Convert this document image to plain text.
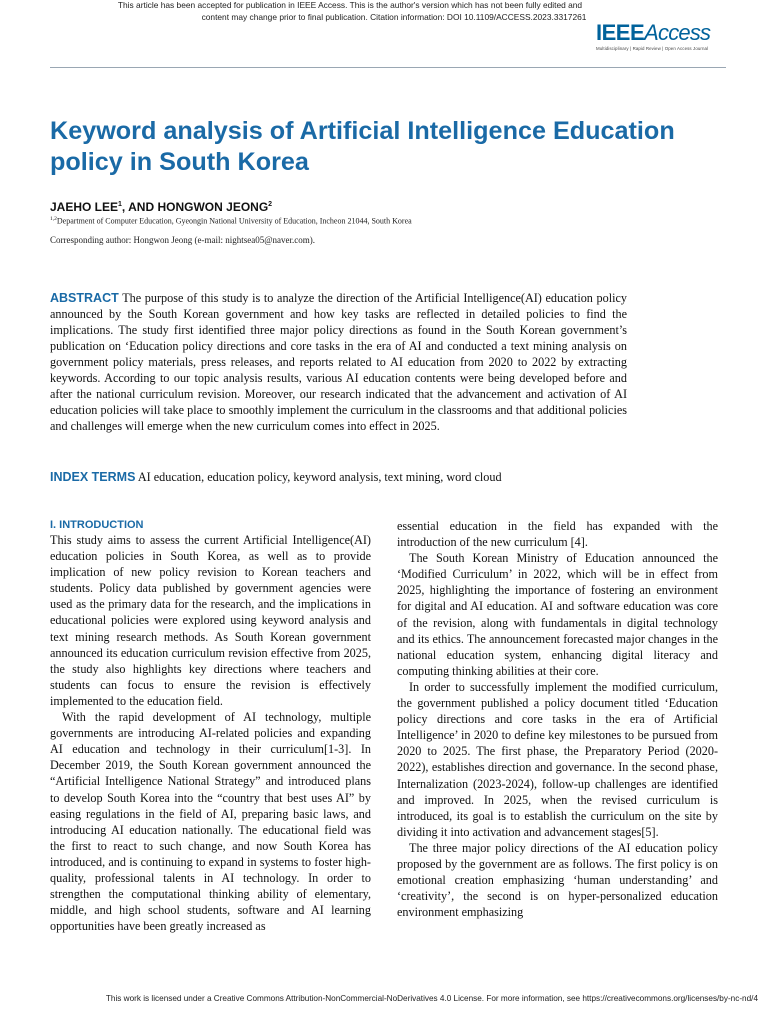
This article has been accepted for publication in IEEE Access. This is the author's version which has not been fully edited and
content may change prior to final publication. Citation information: DOI 10.1109/ACCESS.2023.3317261
IEEE Access
Multidisciplinary | Rapid Review | Open Access Journal
Keyword analysis of Artificial Intelligence Education policy in South Korea
JAEHO LEE$^1$, AND HONGWON JEONG$^2$
$^{1,2}$Department of Computer Education, Gyeongin National University of Education, Incheon 21044, South Korea
Corresponding author: Hongwon Jeong (e-mail: nightsea05@naver.com).

ABSTRACT The purpose of this study is to analyze the direction of the Artificial Intelligence(AI) education policy announced by the South Korean government and how key tasks are reflected in detailed policies to find the implications. The study first identified three major policy directions as found in the South Korean government’s publication on ‘Education policy directions and core tasks in the era of AI and conducted a text mining analysis on government policy materials, press releases, and reports related to AI education from 2020 to 2022 by extracting keywords. According to our topic analysis results, various AI education contents were being developed before and after the national curriculum revision. Moreover, our research indicated that the advancement and activation of AI education policies will take place to smoothly implement the curriculum in the classrooms and that additional policies and challenges will emerge when the new curriculum comes into effect in 2025.

INDEX TERMS AI education, education policy, keyword analysis, text mining, word cloud
I. INTRODUCTION

This study aims to assess the current Artificial Intelligence(AI) education policies in South Korea, as well as to provide implication of new policy revision to Korean teachers and students. Policy data published by government agencies were used as the primary data for the research, and the implications in educational policies were explored using keyword analysis and text mining research methods. As South Korean government announced its education curriculum revision effective from 2025, the study also highlights key directions where teachers and students can focus to ensure the revision is effectively implemented to the education field.

With the rapid development of AI technology, multiple governments are introducing AI-related policies and expanding AI education and technology in their curriculum[1-3]. In December 2019, the South Korean government announced the “Artificial Intelligence National Strategy” and introduced plans to develop South Korea into the “country that best uses AI” by easing regulations in the field of AI, preparing basic laws, and introducing AI education nationally. The educational field was the first to react to such change, and now South Korea has introduced, and is continuing to expand in systems to foster high-quality, professional talents in AI technology. In order to strengthen the computational thinking ability of elementary, middle, and high school students, software and AI learning opportunities have been greatly increased as

essential education in the field has expanded with the introduction of the new curriculum [4].

The South Korean Ministry of Education announced the ‘Modified Curriculum’ in 2022, which will be in effect from 2025, highlighting the importance of fostering an environment for digital and AI education. AI and software education was core of the revision, along with fundamentals in digital technology and its ethics. The announcement forecasted major changes in the national education system, enhancing digital literacy and computing thinking abilities at their core.

In order to successfully implement the modified curriculum, the government published a policy document titled ‘Education policy directions and core tasks in the era of Artificial Intelligence’ in 2020 to define key milestones to be pursued from 2020 to 2025. The first phase, the Preparatory Period (2020-2022), establishes direction and governance. In the second phase, Internalization (2023-2024), follow-up challenges are identified and improved. In 2025, when the revised curriculum is introduced, its goal is to establish the curriculum on the site by dividing it into activation and advancement stages[5].

The three major policy directions of the AI education policy proposed by the government are as follows. The first policy is on emotional creation emphasizing ‘human understanding’ and ‘creativity’, the second is on hyper-personalized education environment emphasizing

This work is licensed under a Creative Commons Attribution-NonCommercial-NoDerivatives 4.0 License. For more information, see https://creativecommons.org/licenses/by-nc-nd/4
